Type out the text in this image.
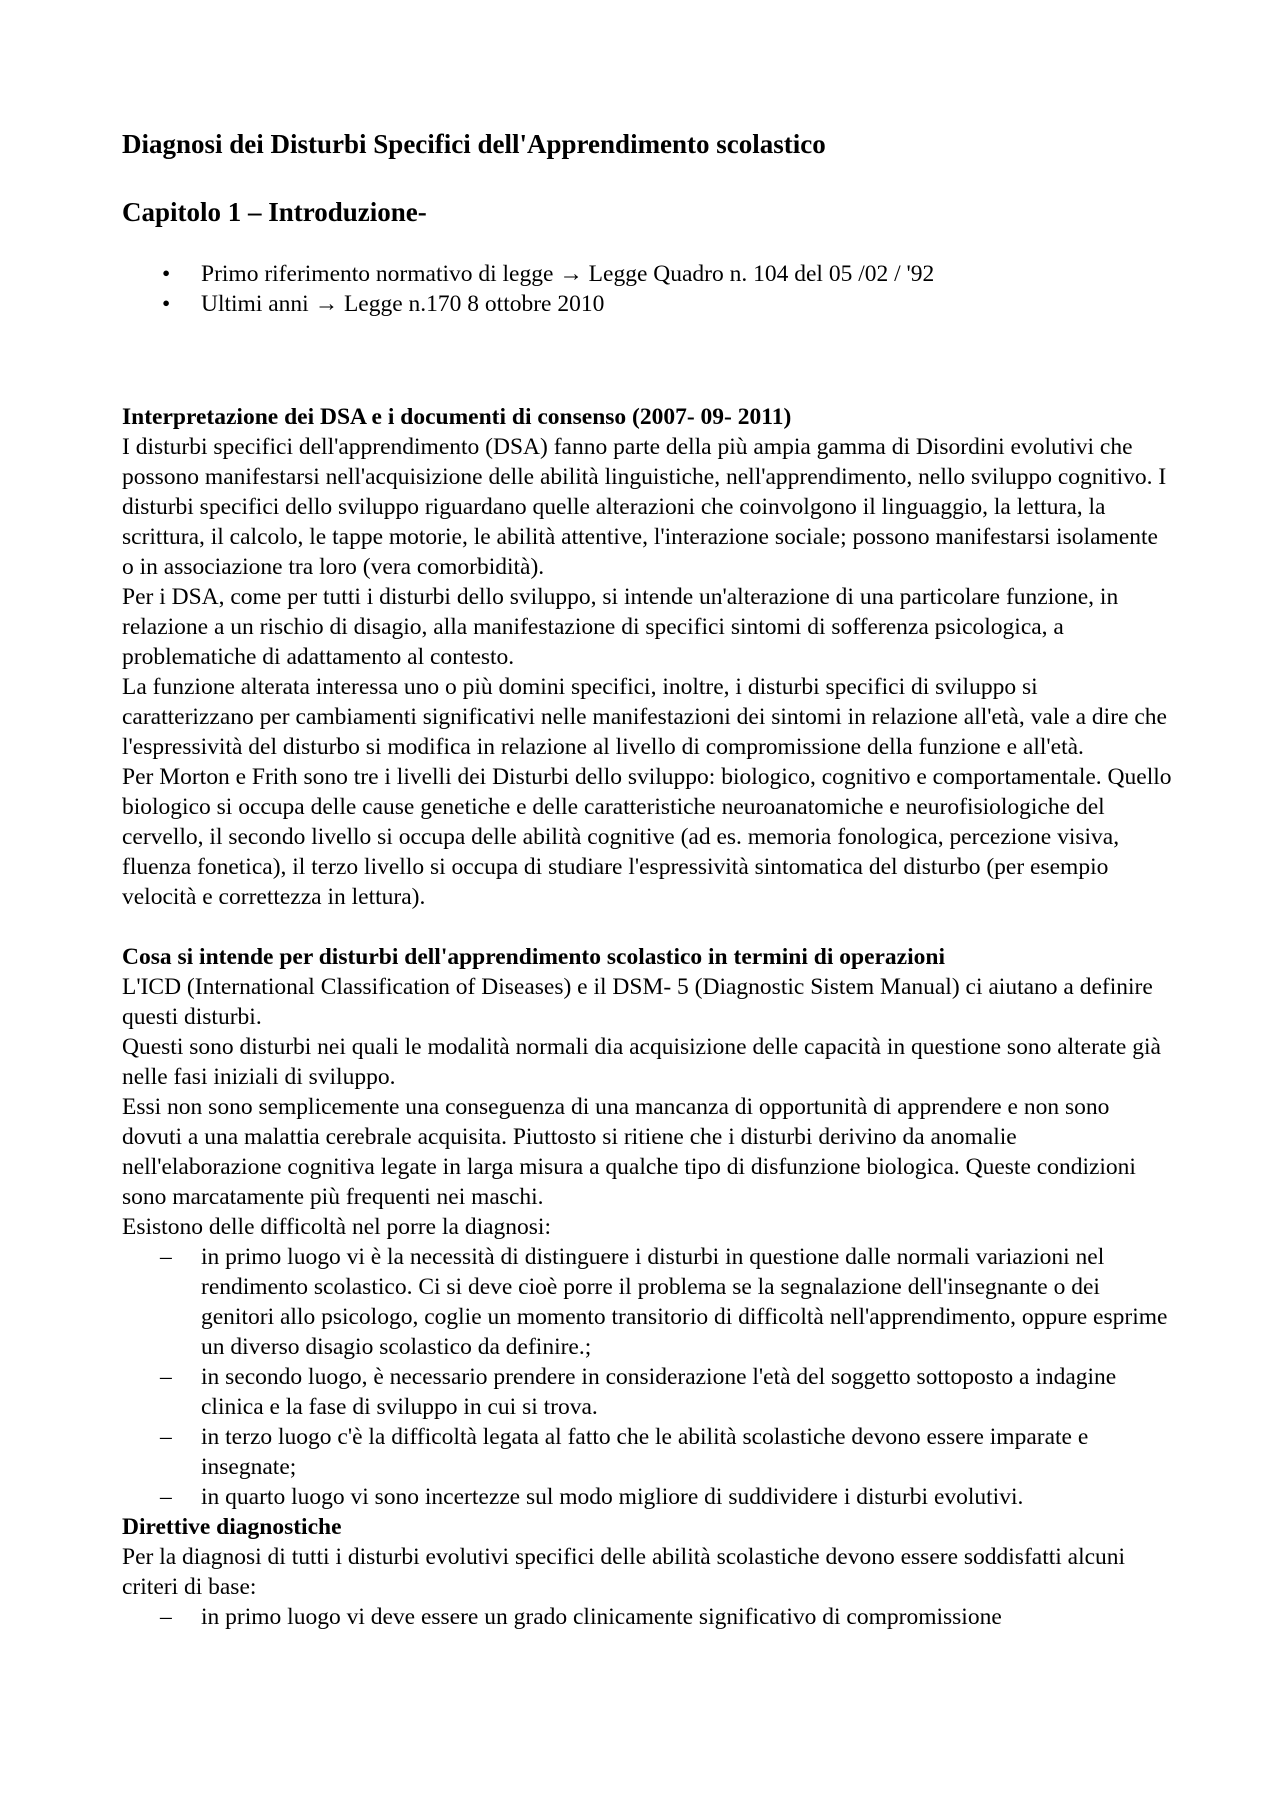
Diagnosi dei Disturbi Specifici dell'Apprendimento scolastico
Capitolo 1 – Introduzione-
• Primo riferimento normativo di legge → Legge Quadro n. 104 del 05 /02 / '92
• Ultimi anni → Legge n.170 8 ottobre 2010

Interpretazione dei DSA e i documenti di consenso (2007- 09- 2011)

I disturbi specifici dell'apprendimento (DSA) fanno parte della più ampia gamma di Disordini evolutivi che possono manifestarsi nell'acquisizione delle abilità linguistiche, nell'apprendimento, nello sviluppo cognitivo. I disturbi specifici dello sviluppo riguardano quelle alterazioni che coinvolgono il linguaggio, la lettura, la scrittura, il calcolo, le tappe motorie, le abilità attentive, l'interazione sociale; possono manifestarsi isolamente o in associazione tra loro (vera comorbidità).

Per i DSA, come per tutti i disturbi dello sviluppo, si intende un'alterazione di una particolare funzione, in relazione a un rischio di disagio, alla manifestazione di specifici sintomi di sofferenza psicologica, a problematiche di adattamento al contesto.

La funzione alterata interessa uno o più domini specifici, inoltre, i disturbi specifici di sviluppo si caratterizzano per cambiamenti significativi nelle manifestazioni dei sintomi in relazione all'età, vale a dire che l'espressività del disturbo si modifica in relazione al livello di compromissione della funzione e all'età.

Per Morton e Frith sono tre i livelli dei Disturbi dello sviluppo: biologico, cognitivo e comportamentale. Quello biologico si occupa delle cause genetiche e delle caratteristiche neuroanatomiche e neurofisiologiche del cervello, il secondo livello si occupa delle abilità cognitive (ad es. memoria fonologica, percezione visiva, fluenza fonetica), il terzo livello si occupa di studiare l'espressività sintomatica del disturbo (per esempio velocità e correttezza in lettura).

Cosa si intende per disturbi dell'apprendimento scolastico in termini di operazioni

L'ICD (International Classification of Diseases) e il DSM- 5 (Diagnostic Sistem Manual) ci aiutano a definire questi disturbi.

Questi sono disturbi nei quali le modalità normali dia acquisizione delle capacità in questione sono alterate già nelle fasi iniziali di sviluppo.

Essi non sono semplicemente una conseguenza di una mancanza di opportunità di apprendere e non sono dovuti a una malattia cerebrale acquisita. Piuttosto si ritiene che i disturbi derivino da anomalie nell'elaborazione cognitiva legate in larga misura a qualche tipo di disfunzione biologica. Queste condizioni sono marcatamente più frequenti nei maschi.

Esistono delle difficoltà nel porre la diagnosi:

– in primo luogo vi è la necessità di distinguere i disturbi in questione dalle normali variazioni nel rendimento scolastico. Ci si deve cioè porre il problema se la segnalazione dell'insegnante o dei genitori allo psicologo, coglie un momento transitorio di difficoltà nell'apprendimento, oppure esprime un diverso disagio scolastico da definire.;
– in secondo luogo, è necessario prendere in considerazione l'età del soggetto sottoposto a indagine clinica e la fase di sviluppo in cui si trova.
– in terzo luogo c'è la difficoltà legata al fatto che le abilità scolastiche devono essere imparate e insegnate;
– in quarto luogo vi sono incertezze sul modo migliore di suddividere i disturbi evolutivi.

Direttive diagnostiche

Per la diagnosi di tutti i disturbi evolutivi specifici delle abilità scolastiche devono essere soddisfatti alcuni criteri di base:

– in primo luogo vi deve essere un grado clinicamente significativo di compromissione
